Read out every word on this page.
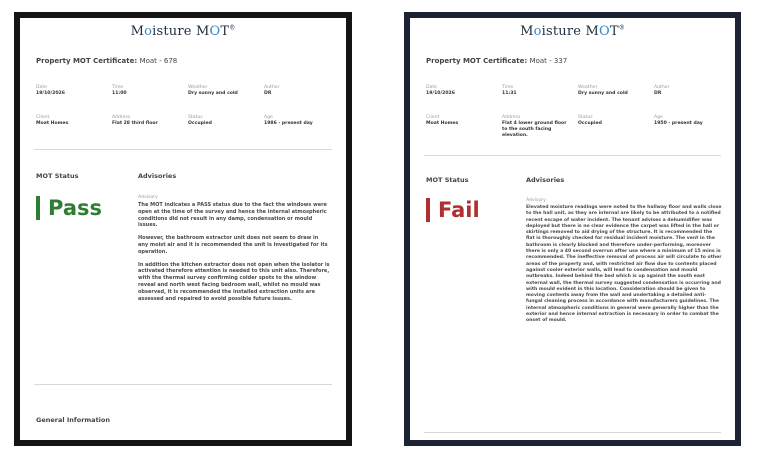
Moisture MOT®
Property MOT Certificate: Moat - 678
Date
19/10/2026
Time
11:00
Weather
Dry sunny and cold
Author
DR
Client
Moat Homes
Address
Flat 28 third floor
Status
Occupied
Age
1986 - present day
MOT Status	Advisories
Pass	Advisory

The MOT indicates a PASS status due to the fact the windows were open at the time of the survey and hence the internal atmospheric conditions did not result in any damp, condensation or mould issues.

However, the bathroom extractor unit does not seem to draw in any moist air and it is recommended the unit is investigated for its operation.

In addition the kitchen extractor does not open when the isolator is activated therefore attention is needed to this unit also. Therefore, with the thermal survey confirming colder spots to the window reveal and north west facing bedroom wall, whilst no mould was observed, it is recommended the installed extraction units are assessed and repaired to avoid possible future issues.

General Information
Moisture MOT®
Property MOT Certificate: Moat - 337
Date
19/10/2026
Time
11:31
Weather
Dry sunny and cold
Author
DR
Client
Moat Homes
Address
Flat 4 lower ground floor to the south facing elevation.
Status
Occupied
Age
1950 - present day
MOT Status	Advisories
Fail	Advisory

Elevated moisture readings were noted to the hallway floor and walls close to the hall unit, as they are internal are likely to be attributed to a notified recent escape of water incident. The tenant advises a dehumidifier was deployed but there is no clear evidence the carpet was lifted in the hall or skirtings removed to aid drying of the structure. It is recommended the flat is thoroughly checked for residual incident moisture. The vent in the bathroom is clearly blocked and therefore under-performing, moreover there is only a 40 second overrun after use where a minimum of 15 mins is recommended. The ineffective removal of process air will circulate to other areas of the property and, with restricted air flow due to contents placed against cooler exterior walls, will lead to condensation and mould outbreaks. Indeed behind the bed which is up against the south east external wall, the thermal survey suggested condensation is occurring and with mould evident in this location. Consideration should be given to moving contents away from the wall and undertaking a detailed anti-fungal cleaning process in accordance with manufacturers guidelines. The internal atmospheric conditions in general were generally higher than the exterior and hence internal extraction is necessary in order to combat the onset of mould.
